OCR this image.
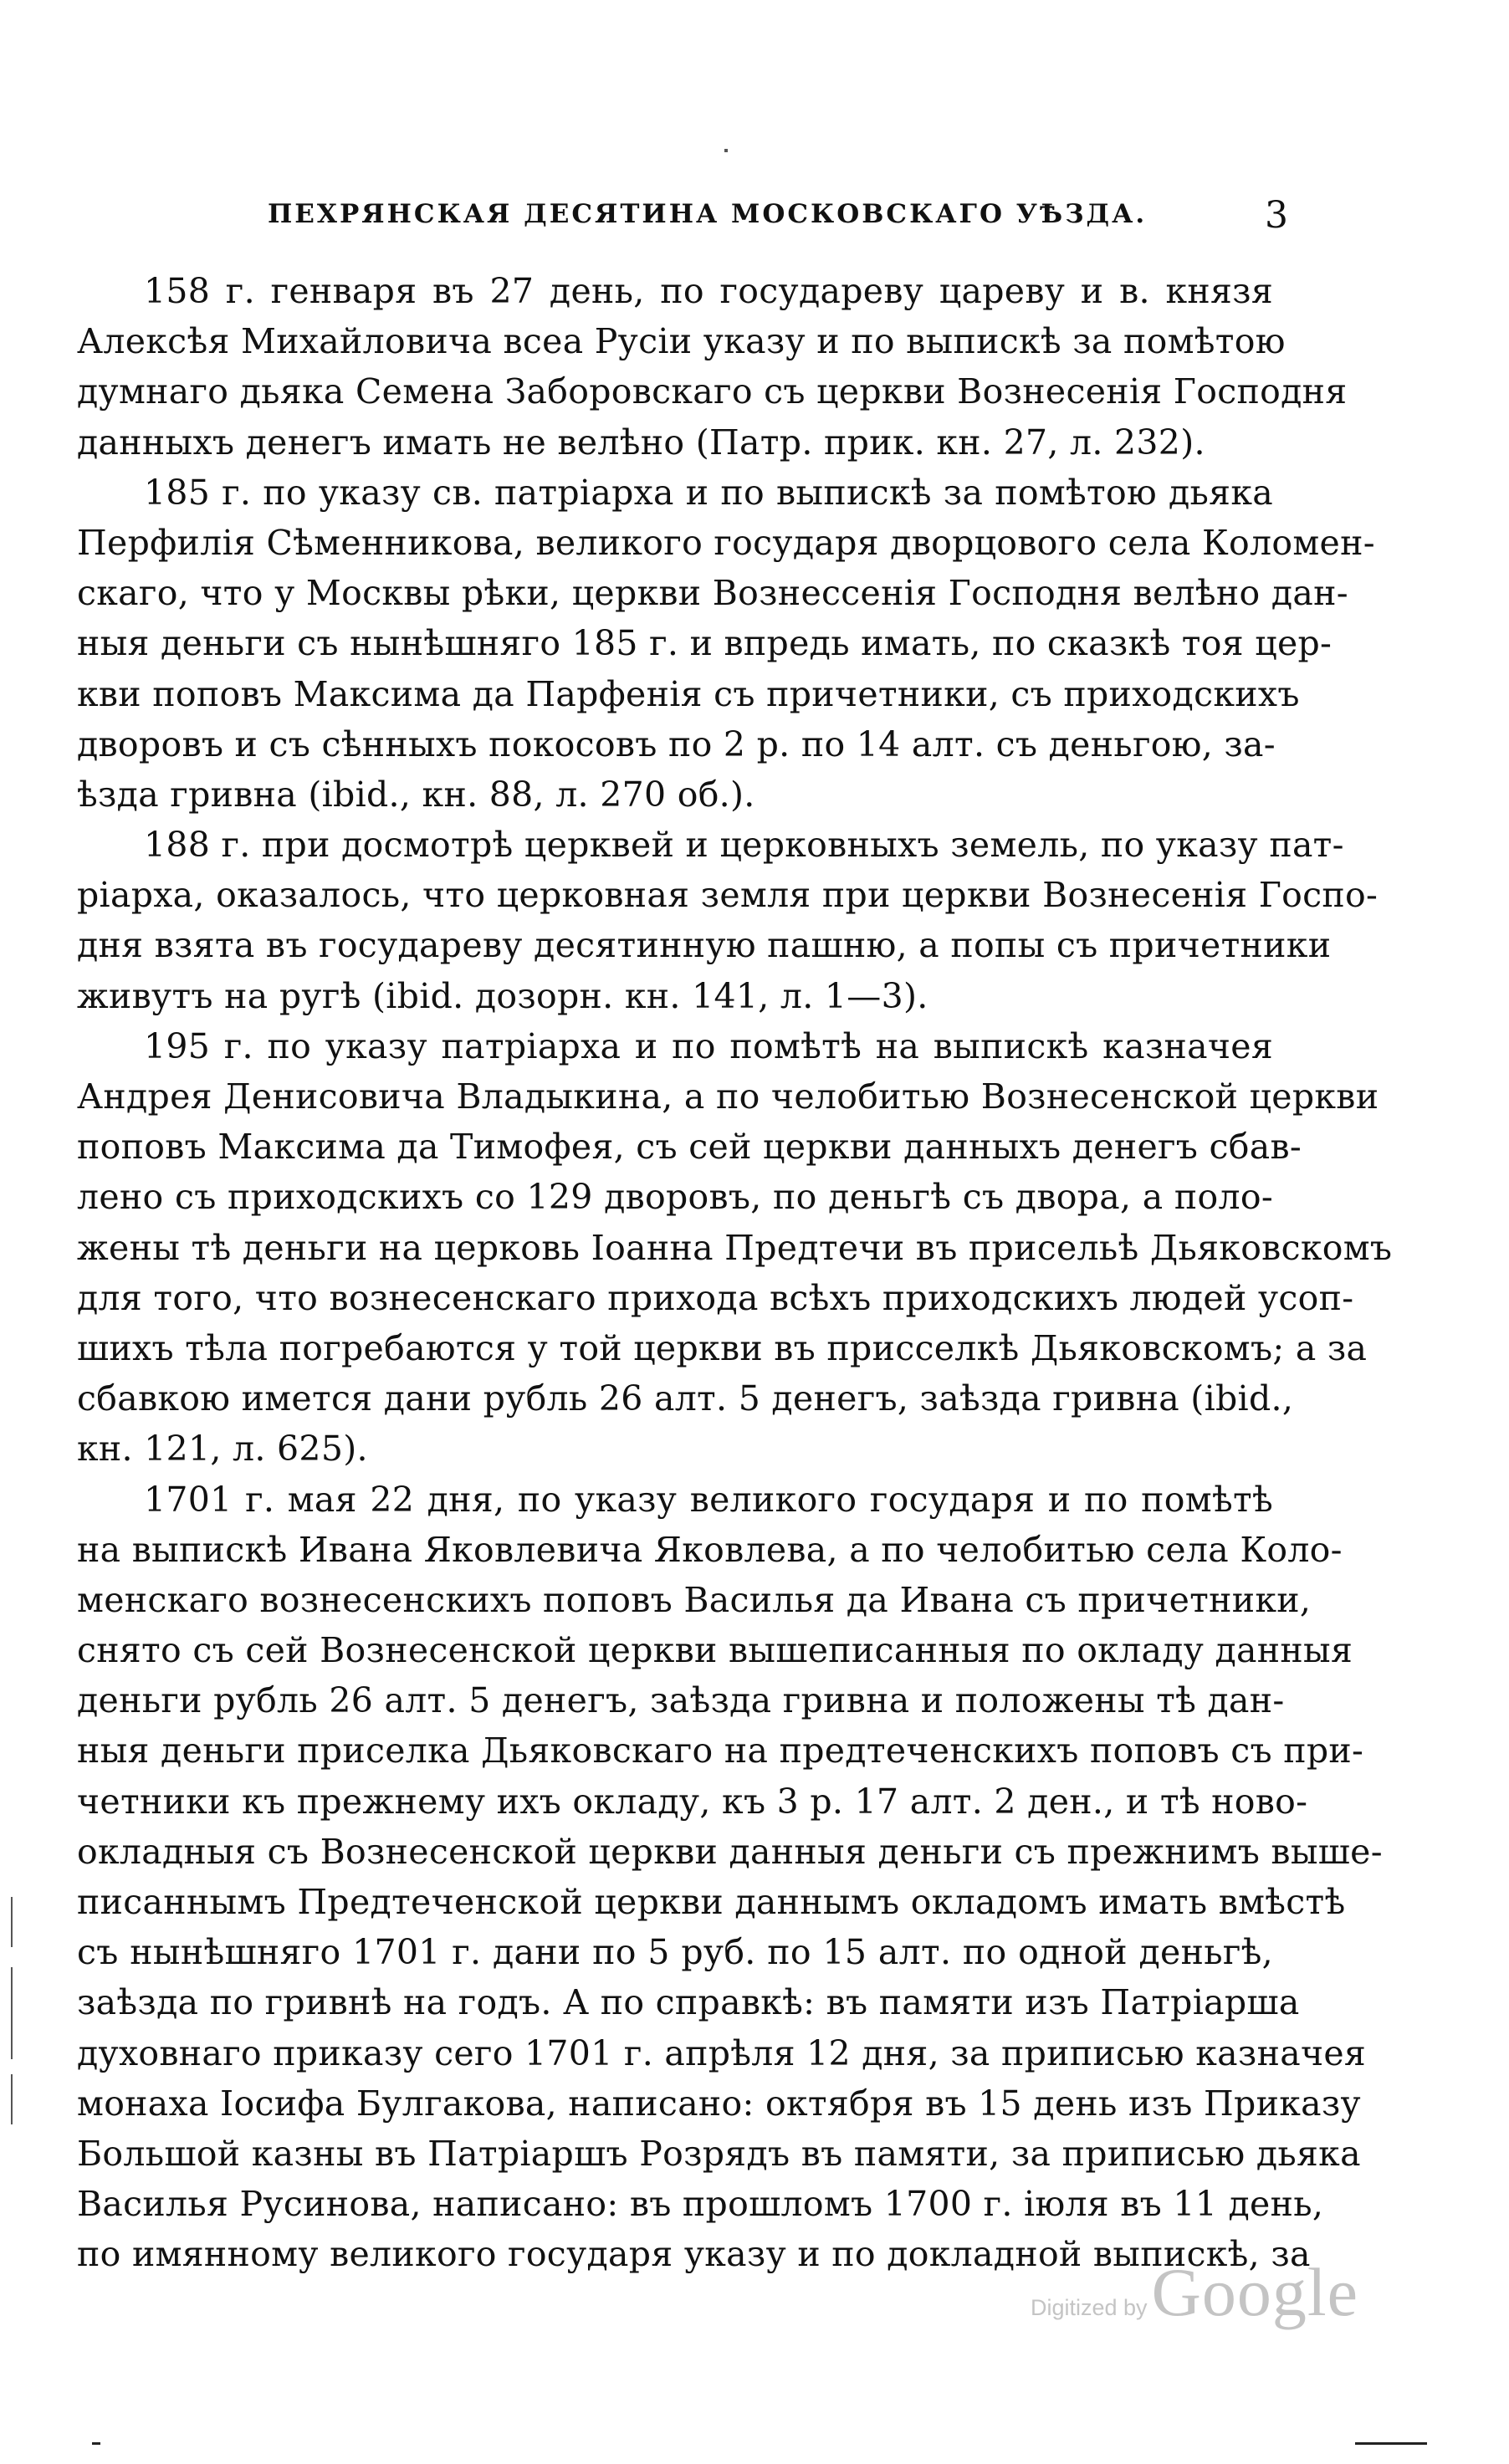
ПЕХРЯНСКАЯ ДЕСЯТИНА МОСКОВСКАГО УѢЗДА.	3
158 г. генваря въ 27 день, по государеву цареву и в. князя
Алексѣя Михайловича всеа Русіи указу и по выпискѣ за помѣтою
думнаго дьяка Семена Заборовскаго съ церкви Вознесенія Господня
данныхъ денегъ имать не велѣно (Патр. прик. кн. 27, л. 232).
185 г. по указу св. патріарха и по выпискѣ за помѣтою дьяка
Перфилія Сѣменникова, великого государя дворцового села Коломен-
скаго, что у Москвы рѣки, церкви Вознессенія Господня велѣно дан-
ныя деньги съ нынѣшняго 185 г. и впредь имать, по сказкѣ тоя цер-
кви поповъ Максима да Парфенія съ причетники, съ приходскихъ
дворовъ и съ сѣнныхъ покосовъ по 2 р. по 14 алт. съ деньгою, за-
ѣзда гривна (ibid., кн. 88, л. 270 об.).
188 г. при досмотрѣ церквей и церковныхъ земель, по указу пат-
ріарха, оказалось, что церковная земля при церкви Вознесенія Госпо-
дня взята въ государеву десятинную пашню, а попы съ причетники
живутъ на ругѣ (ibid. дозорн. кн. 141, л. 1—3).
195 г. по указу патріарха и по помѣтѣ на выпискѣ казначея
Андрея Денисовича Владыкина, а по челобитью Вознесенской церкви
поповъ Максима да Тимофея, съ сей церкви данныхъ денегъ сбав-
лено съ приходскихъ со 129 дворовъ, по деньгѣ съ двора, а поло-
жены тѣ деньги на церковь Іоанна Предтечи въ присельѣ Дьяковскомъ
для того, что вознесенскаго прихода всѣхъ приходскихъ людей усоп-
шихъ тѣла погребаются у той церкви въ присселкѣ Дьяковскомъ; а за
сбавкою имется дани рубль 26 алт. 5 денегъ, заѣзда гривна (ibid.,
кн. 121, л. 625).
1701 г. мая 22 дня, по указу великого государя и по помѣтѣ
на выпискѣ Ивана Яковлевича Яковлева, а по челобитью села Коло-
менскаго вознесенскихъ поповъ Василья да Ивана съ причетники,
снято съ сей Вознесенской церкви вышеписанныя по окладу данныя
деньги рубль 26 алт. 5 денегъ, заѣзда гривна и положены тѣ дан-
ныя деньги приселка Дьяковскаго на предтеченскихъ поповъ съ при-
четники къ прежнему ихъ окладу, къ 3 р. 17 алт. 2 ден., и тѣ ново-
окладныя съ Вознесенской церкви данныя деньги съ прежнимъ выше-
писаннымъ Предтеченской церкви даннымъ окладомъ имать вмѣстѣ
съ нынѣшняго 1701 г. дани по 5 руб. по 15 алт. по одной деньгѣ,
заѣзда по гривнѣ на годъ. А по справкѣ: въ памяти изъ Патріарша
духовнаго приказу сего 1701 г. апрѣля 12 дня, за приписью казначея
монаха Іосифа Булгакова, написано: октября въ 15 день изъ Приказу
Большой казны въ Патріаршъ Розрядъ въ памяти, за приписью дьяка
Василья Русинова, написано: въ прошломъ 1700 г. іюля въ 11 день,
по имянному великого государя указу и по докладной выпискѣ, за
Digitized by Google
